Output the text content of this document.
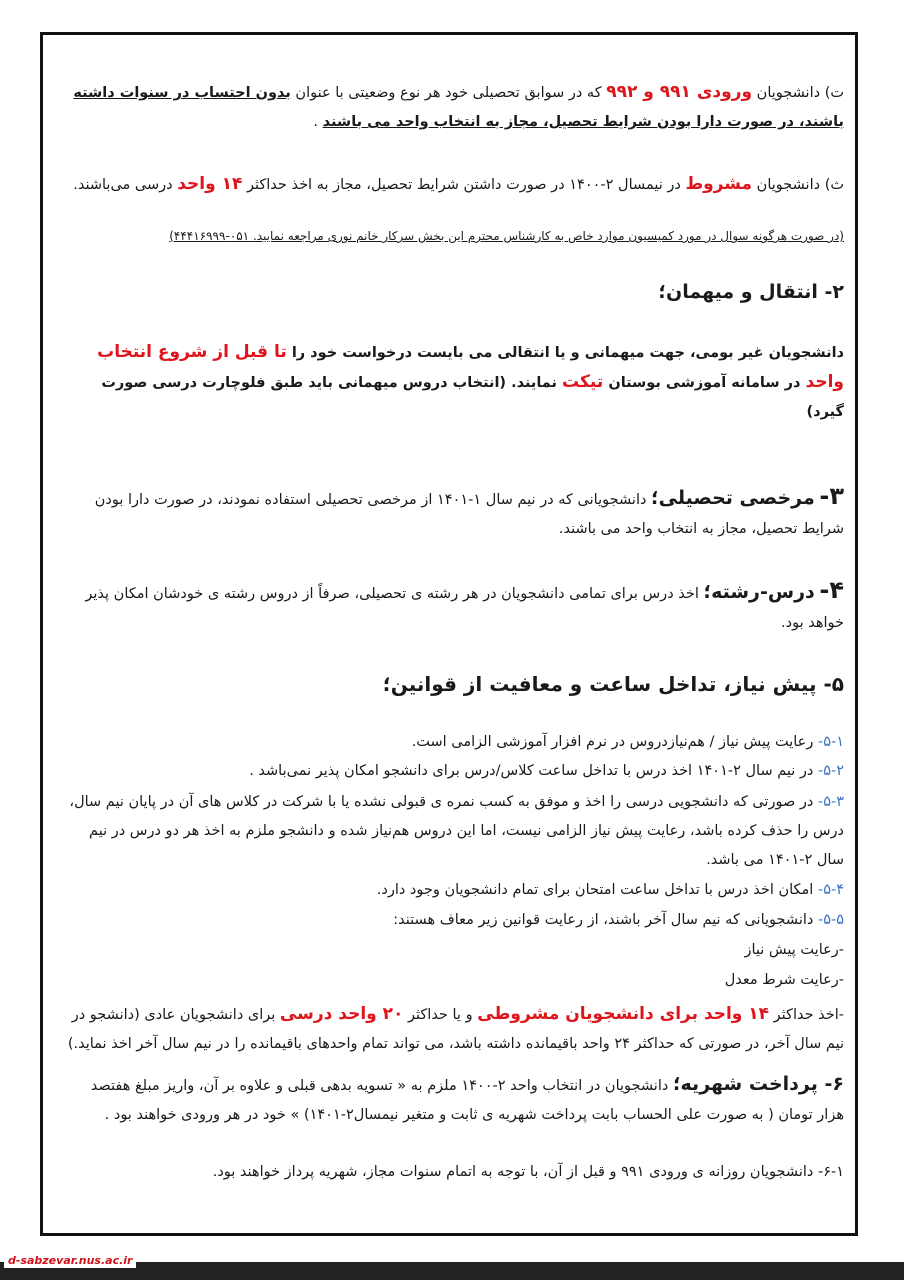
ت) دانشجویان ورودی ۹۹۱ و ۹۹۲ که در سوابق تحصیلی خود هر نوع وضعیتی با عنوان بدون احتساب در سنوات داشته باشند، در صورت دارا بودن شرایط تحصیل، مجاز به انتخاب واحد می باشند .
ث) دانشجویان مشروط در نیمسال ۲-۱۴۰۰ در صورت داشتن شرایط تحصیل، مجاز به اخذ حداکثر ۱۴ واحد درسی می‌باشند.
(در صورت هرگونه سوال در مورد کمیسیون موارد خاص به کارشناس محترم این بخش سرکار خانم نوری مراجعه نمایید. ۰۵۱-۴۴۴۱۶۹۹۹)
۲- انتقال و میهمان؛
دانشجویان غیر بومی، جهت میهمانی و یا انتقالی می بایست درخواست خود را تا قبل از شروع انتخاب واحد در سامانه آموزشی بوستان تیکت نمایند. (انتخاب دروس میهمانی باید طبق فلوچارت درسی صورت گیرد)
۳- مرخصی تحصیلی؛ دانشجویانی که در نیم سال ۱-۱۴۰۱ از مرخصی تحصیلی استفاده نمودند، در صورت دارا بودن شرایط تحصیل، مجاز به انتخاب واحد می باشند.
۴- درس-رشته؛ اخذ درس برای تمامی دانشجویان در هر رشته ی تحصیلی، صرفاً از دروس رشته ی خودشان امکان پذیر خواهد بود.
۵- پیش نیاز، تداخل ساعت و معافیت از قوانین؛
۵-۱- رعایت پیش نیاز / هم‌نیازدروس در نرم افزار آموزشی الزامی است.
۵-۲- در نیم سال ۲-۱۴۰۱ اخذ درس با تداخل ساعت کلاس/درس برای دانشجو امکان پذیر نمی‌باشد .
۵-۳- در صورتی که دانشجویی درسی را اخذ و موفق به کسب نمره ی قبولی نشده یا با شرکت در کلاس های آن در پایان نیم سال، درس را حذف کرده باشد، رعایت پیش نیاز الزامی نیست، اما این دروس هم‌نیاز شده و دانشجو ملزم به اخذ هر دو درس در نیم سال ۲-۱۴۰۱ می باشد.
۵-۴- امکان اخذ درس با تداخل ساعت امتحان برای تمام دانشجویان وجود دارد.
۵-۵- دانشجویانی که نیم سال آخر باشند، از رعایت قوانین زیر معاف هستند:
-رعایت پیش نیاز
-رعایت شرط معدل
-اخذ حداکثر ۱۴ واحد برای دانشجویان مشروطی و یا حداکثر ۲۰ واحد درسی برای دانشجویان عادی (دانشجو در نیم سال آخر، در صورتی که حداکثر ۲۴ واحد باقیمانده داشته باشد، می تواند تمام واحدهای باقیمانده را در نیم سال آخر اخذ نماید.)
۶- پرداخت شهریه؛ دانشجویان در انتخاب واحد ۲-۱۴۰۰ ملزم به « تسویه بدهی قبلی و علاوه بر آن، واریز مبلغ هفتصد هزار تومان ( به صورت علی الحساب بابت پرداخت شهریه ی ثابت و متغیر نیمسال۲-۱۴۰۱) » خود در هر ورودی خواهند بود .
۶-۱- دانشجویان روزانه ی ورودی ۹۹۱ و قبل از آن، با توجه به اتمام سنوات مجاز، شهریه پرداز خواهند بود.
d-sabzevar.nus.ac.ir
